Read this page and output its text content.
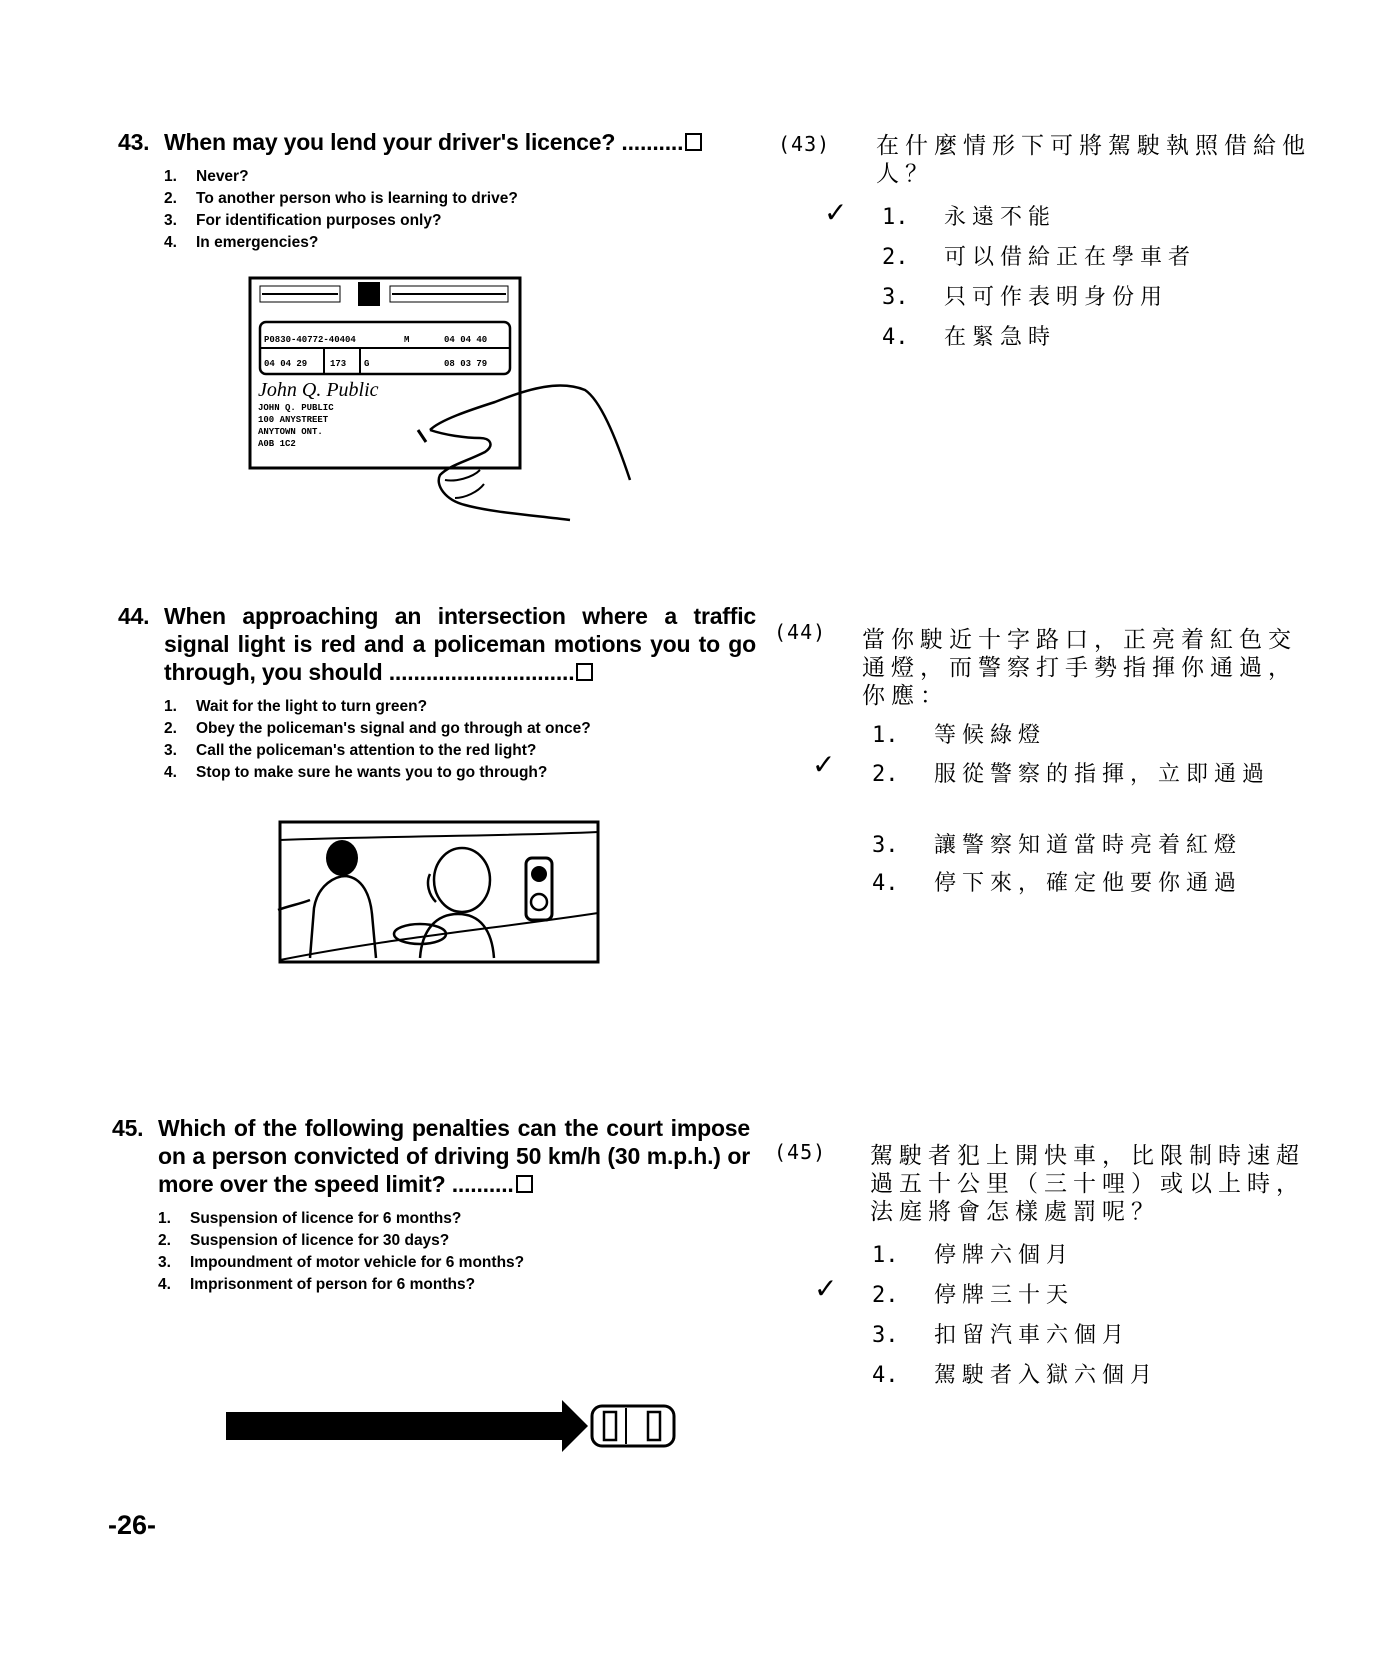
43. When may you lend your driver's licence? ..........
1. Never?
2. To another person who is learning to drive?
3. For identification purposes only?
4. In emergencies?
P0830-40772-40404	M	04 04 40
04 04 29	173 G	08 03 79
John Q. Public
JOHN Q. PUBLIC
100 ANYSTREET
ANYTOWN ONT.
A0B 1C2
(43) 在什麼情形下可將駕駛執照借給他人？
✓ 1. 永遠不能
2. 可以借給正在學車者
3. 只可作表明身份用
4. 在緊急時
44. When approaching an intersection where a traffic signal light is red and a policeman motions you to go through, you should ..............................
1. Wait for the light to turn green?
2. Obey the policeman's signal and go through at once?
3. Call the policeman's attention to the red light?
4. Stop to make sure he wants you to go through?
(44) 當你駛近十字路口，正亮着紅色交通燈，而警察打手勢指揮你通過，你應：
1. 等候綠燈
✓ 2. 服從警察的指揮，立即通過
3. 讓警察知道當時亮着紅燈
4. 停下來，確定他要你通過
45. Which of the following penalties can the court impose on a person convicted of driving 50 km/h (30 m.p.h.) or more over the speed limit? ..........
1. Suspension of licence for 6 months?
2. Suspension of licence for 30 days?
3. Impoundment of motor vehicle for 6 months?
4. Imprisonment of person for 6 months?
(45) 駕駛者犯上開快車，比限制時速超過五十公里（三十哩）或以上時，法庭將會怎樣處罰呢？
1. 停牌六個月
✓ 2. 停牌三十天
3. 扣留汽車六個月
4. 駕駛者入獄六個月
-26-
